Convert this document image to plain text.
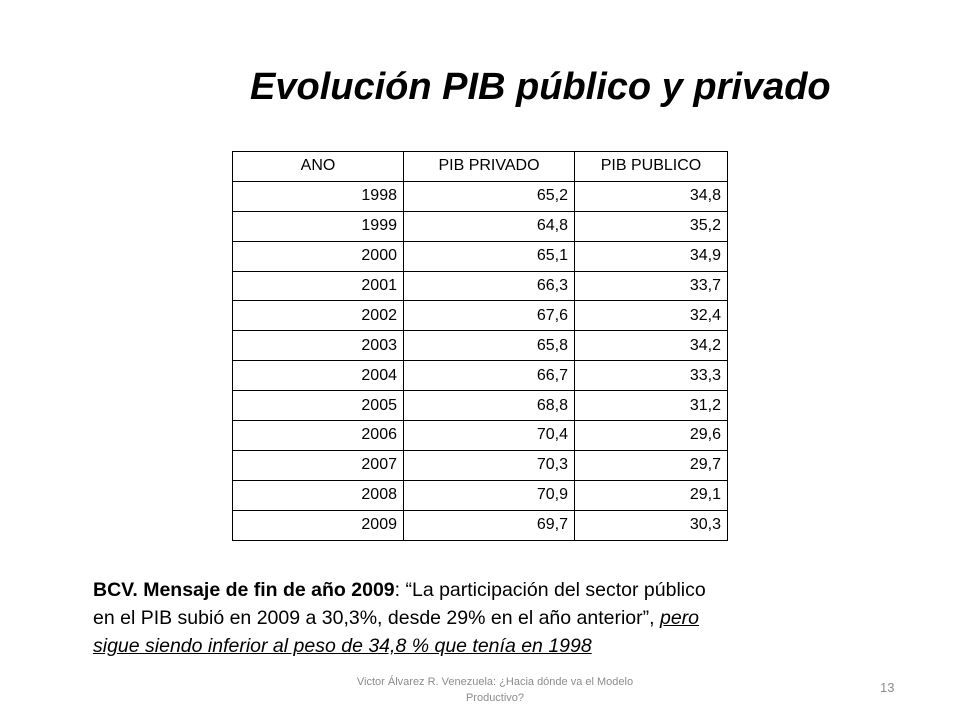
Evolución PIB público y privado
ANO	PIB PRIVADO	PIB PUBLICO
1998	65,2	34,8
1999	64,8	35,2
2000	65,1	34,9
2001	66,3	33,7
2002	67,6	32,4
2003	65,8	34,2
2004	66,7	33,3
2005	68,8	31,2
2006	70,4	29,6
2007	70,3	29,7
2008	70,9	29,1
2009	69,7	30,3
BCV. Mensaje de fin de año 2009: “La participación del sector público
en el PIB subió en 2009 a 30,3%, desde 29% en el año anterior”, pero
sigue siendo inferior al peso de 34,8 % que tenía en 1998
Victor Álvarez R. Venezuela: ¿Hacia dónde va el Modelo
Productivo?
13
